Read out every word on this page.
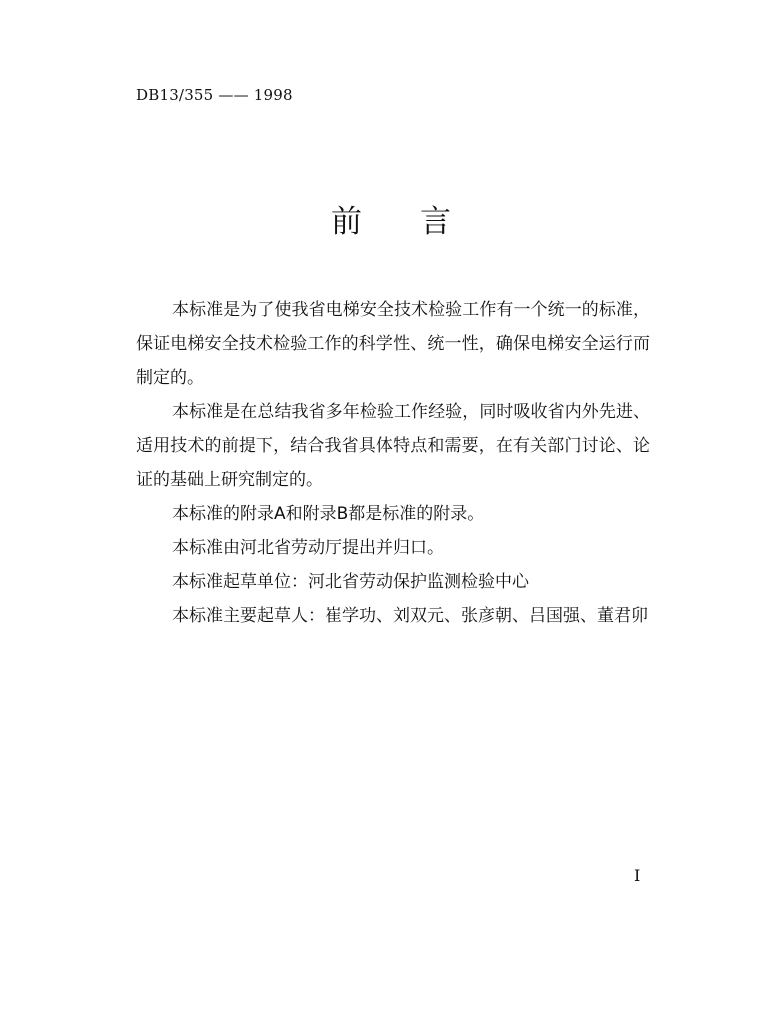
DB13/355 —— 1998
前 言

本标准是为了使我省电梯安全技术检验工作有一个统一的标准，保证电梯安全技术检验工作的科学性、统一性，确保电梯安全运行而制定的。

本标准是在总结我省多年检验工作经验，同时吸收省内外先进、适用技术的前提下，结合我省具体特点和需要，在有关部门讨论、论证的基础上研究制定的。

本标准的附录A和附录B都是标准的附录。

本标准由河北省劳动厅提出并归口。

本标准起草单位：河北省劳动保护监测检验中心

本标准主要起草人：崔学功、刘双元、张彦朝、吕国强、董君卯

I
